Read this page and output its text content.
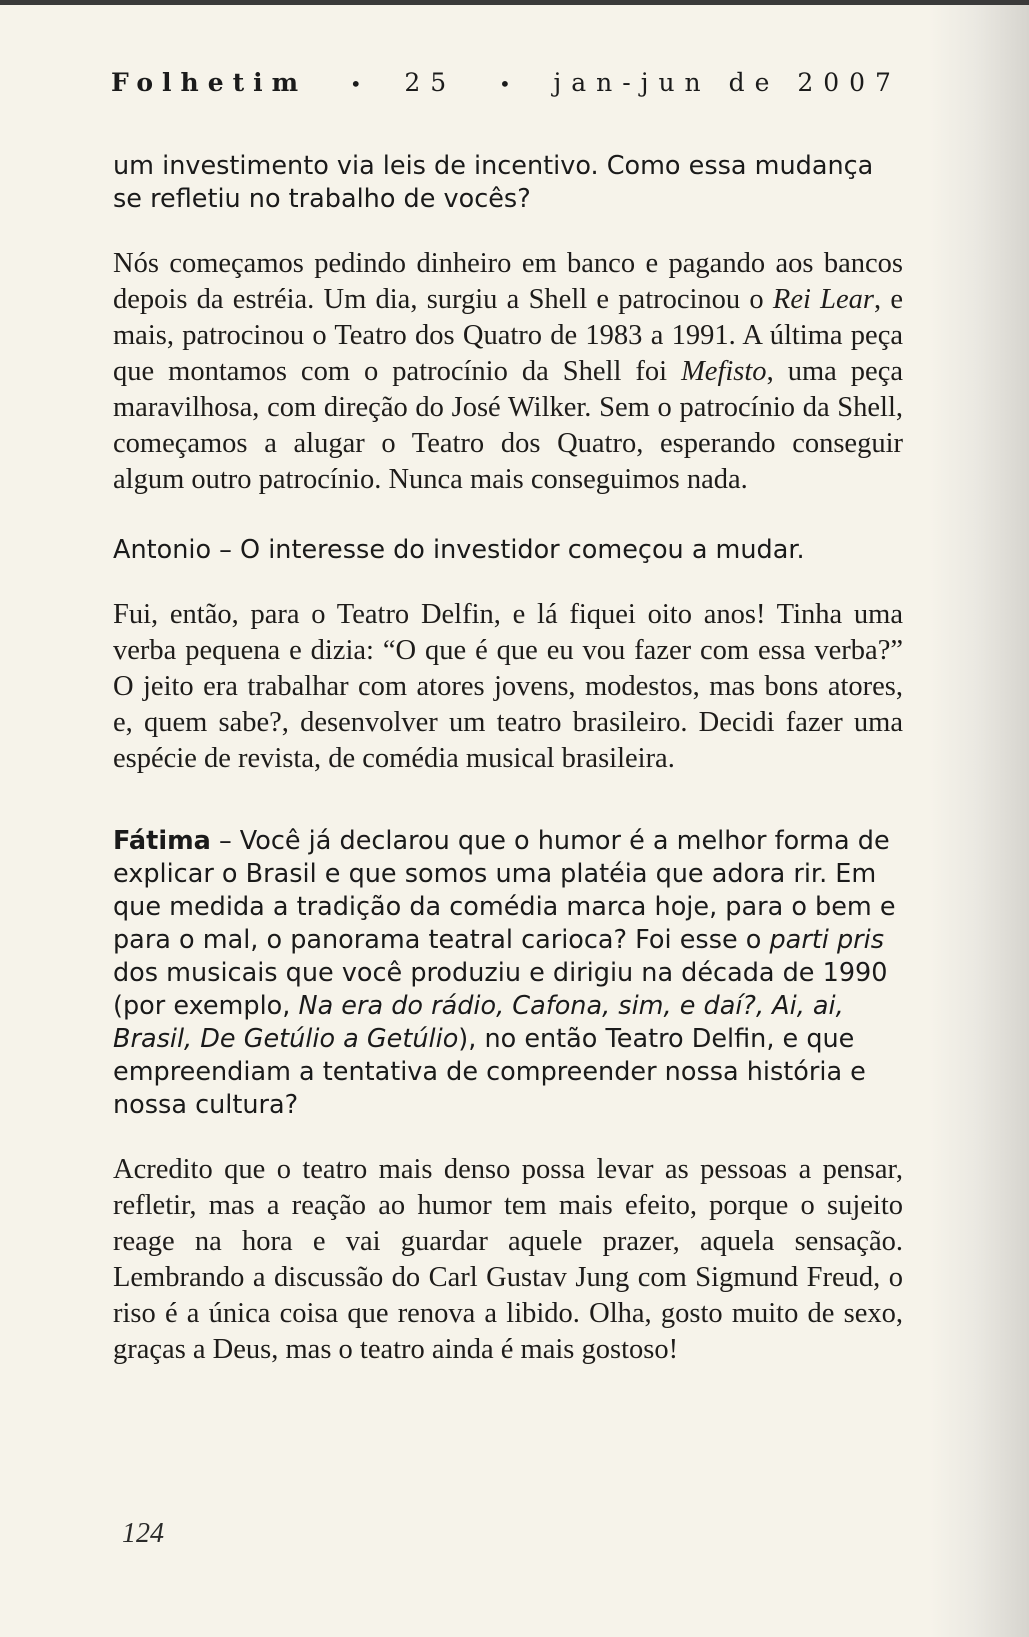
Folhetim • 25 • jan-jun de 2007

um investimento via leis de incentivo. Como essa mudança se refletiu no trabalho de vocês?

Nós começamos pedindo dinheiro em banco e pagando aos bancos depois da estréia. Um dia, surgiu a Shell e patrocinou o Rei Lear, e mais, patrocinou o Teatro dos Quatro de 1983 a 1991. A última peça que montamos com o patrocínio da Shell foi Mefisto, uma peça maravilhosa, com direção do José Wilker. Sem o patrocínio da Shell, começamos a alugar o Teatro dos Quatro, esperando conseguir algum outro patrocínio. Nunca mais conseguimos nada.

Antonio – O interesse do investidor começou a mudar.

Fui, então, para o Teatro Delfin, e lá fiquei oito anos! Tinha uma verba pequena e dizia: “O que é que eu vou fazer com essa verba?” O jeito era trabalhar com atores jovens, modestos, mas bons atores, e, quem sabe?, desenvolver um teatro brasileiro. Decidi fazer uma espécie de revista, de comédia musical brasileira.

Fátima – Você já declarou que o humor é a melhor forma de explicar o Brasil e que somos uma platéia que adora rir. Em que medida a tradição da comédia marca hoje, para o bem e para o mal, o panorama teatral carioca? Foi esse o parti pris dos musicais que você produziu e dirigiu na década de 1990 (por exemplo, Na era do rádio, Cafona, sim, e daí?, Ai, ai, Brasil, De Getúlio a Getúlio), no então Teatro Delfin, e que empreendiam a tentativa de compreender nossa história e nossa cultura?

Acredito que o teatro mais denso possa levar as pessoas a pensar, refletir, mas a reação ao humor tem mais efeito, porque o sujeito reage na hora e vai guardar aquele prazer, aquela sensação. Lembrando a discussão do Carl Gustav Jung com Sigmund Freud, o riso é a única coisa que renova a libido. Olha, gosto muito de sexo, graças a Deus, mas o teatro ainda é mais gostoso!

124
